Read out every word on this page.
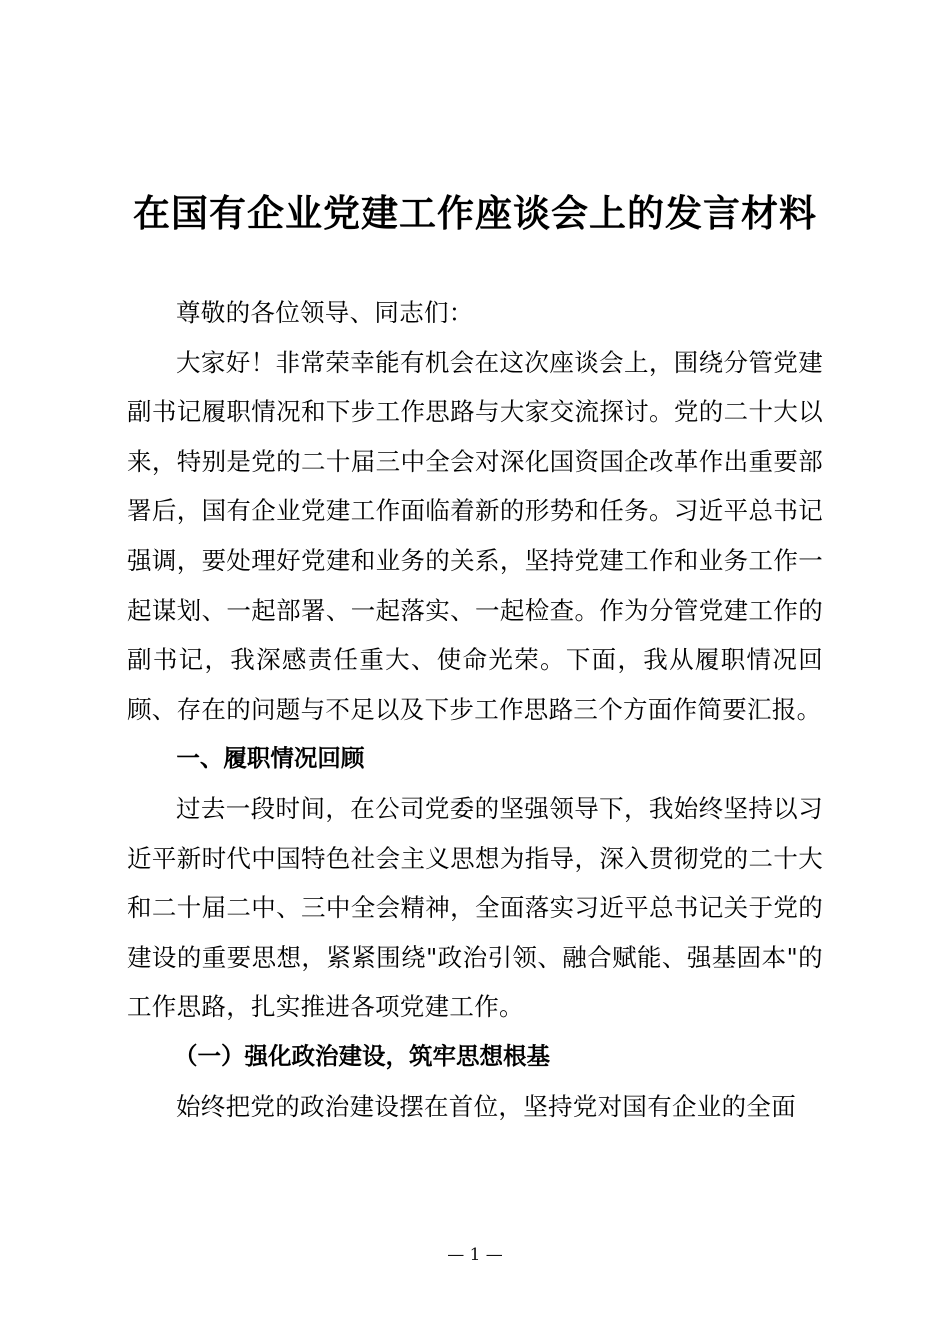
在国有企业党建工作座谈会上的发言材料

尊敬的各位领导、同志们：

大家好！非常荣幸能有机会在这次座谈会上，围绕分管党建副书记履职情况和下步工作思路与大家交流探讨。党的二十大以来，特别是党的二十届三中全会对深化国资国企改革作出重要部署后，国有企业党建工作面临着新的形势和任务。习近平总书记强调，要处理好党建和业务的关系，坚持党建工作和业务工作一起谋划、一起部署、一起落实、一起检查。作为分管党建工作的副书记，我深感责任重大、使命光荣。下面，我从履职情况回顾、存在的问题与不足以及下步工作思路三个方面作简要汇报。

一、履职情况回顾

过去一段时间，在公司党委的坚强领导下，我始终坚持以习近平新时代中国特色社会主义思想为指导，深入贯彻党的二十大和二十届二中、三中全会精神，全面落实习近平总书记关于党的建设的重要思想，紧紧围绕"政治引领、融合赋能、强基固本"的工作思路，扎实推进各项党建工作。

（一）强化政治建设，筑牢思想根基

始终把党的政治建设摆在首位，坚持党对国有企业的全面

— 1 —
